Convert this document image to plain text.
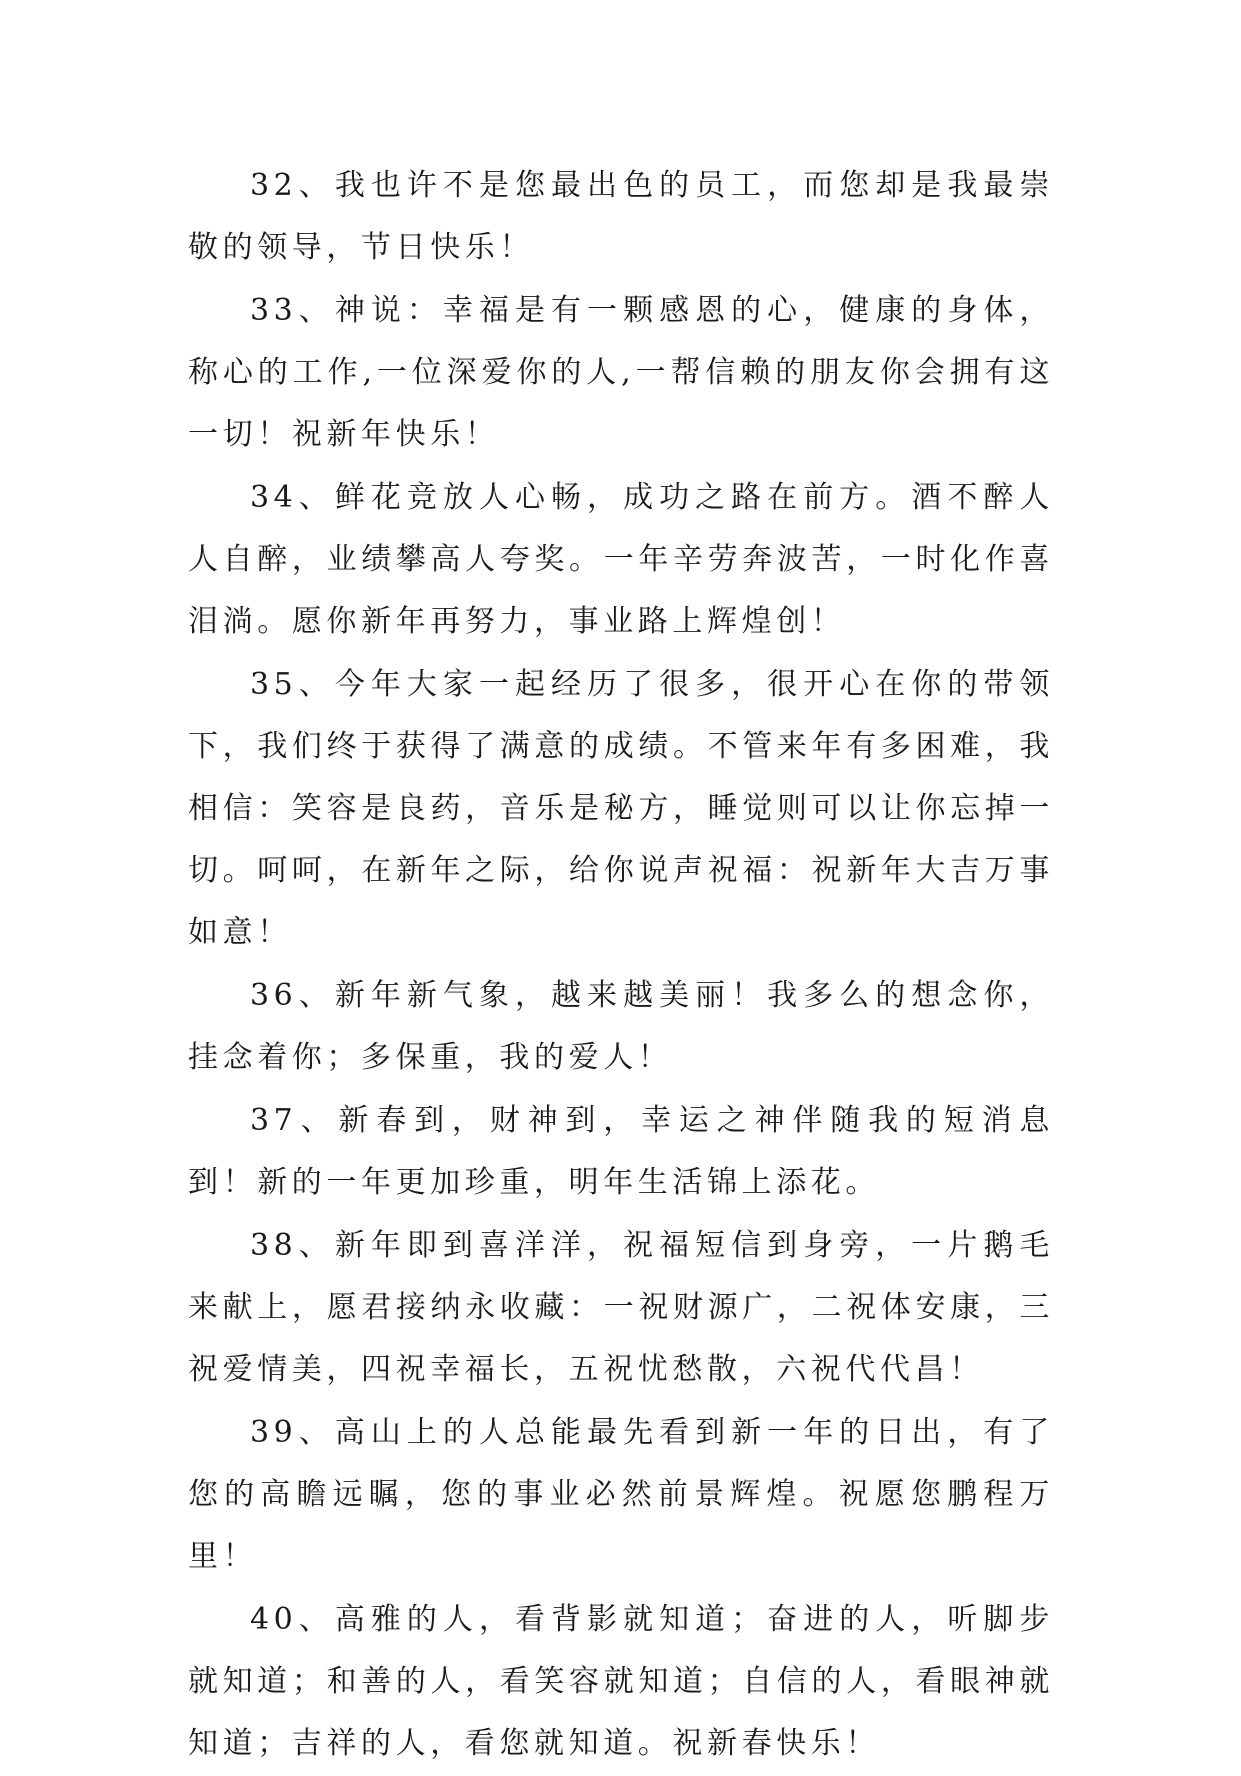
32、我也许不是您最出色的员工，而您却是我最崇敬的领导，节日快乐！

33、神说：幸福是有一颗感恩的心，健康的身体，称心的工作,一位深爱你的人,一帮信赖的朋友你会拥有这一切！祝新年快乐！

34、鲜花竞放人心畅，成功之路在前方。酒不醉人人自醉，业绩攀高人夸奖。一年辛劳奔波苦，一时化作喜泪淌。愿你新年再努力，事业路上辉煌创！

35、今年大家一起经历了很多，很开心在你的带领下，我们终于获得了满意的成绩。不管来年有多困难，我相信：笑容是良药，音乐是秘方，睡觉则可以让你忘掉一切。呵呵，在新年之际，给你说声祝福：祝新年大吉万事如意！

36、新年新气象，越来越美丽！我多么的想念你，挂念着你；多保重，我的爱人！

37、新春到，财神到，幸运之神伴随我的短消息到！新的一年更加珍重，明年生活锦上添花。

38、新年即到喜洋洋，祝福短信到身旁，一片鹅毛来献上，愿君接纳永收藏：一祝财源广，二祝体安康，三祝爱情美，四祝幸福长，五祝忧愁散，六祝代代昌！

39、高山上的人总能最先看到新一年的日出，有了您的高瞻远瞩，您的事业必然前景辉煌。祝愿您鹏程万里！

40、高雅的人，看背影就知道；奋进的人，听脚步就知道；和善的人，看笑容就知道；自信的人，看眼神就知道；吉祥的人，看您就知道。祝新春快乐！
